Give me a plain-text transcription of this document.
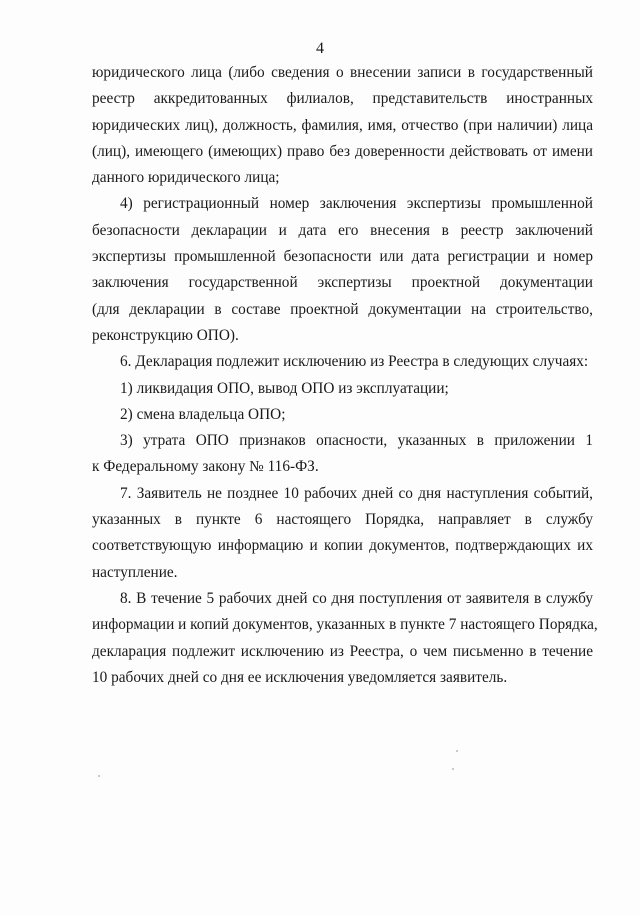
4

юридического лица (либо сведения о внесении записи в государственный
реестр аккредитованных филиалов, представительств иностранных
юридических лиц), должность, фамилия, имя, отчество (при наличии) лица
(лиц), имеющего (имеющих) право без доверенности действовать от имени
данного юридического лица;

4) регистрационный номер заключения экспертизы промышленной
безопасности декларации и дата его внесения в реестр заключений
экспертизы промышленной безопасности или дата регистрации и номер
заключения государственной экспертизы проектной документации
(для декларации в составе проектной документации на строительство,
реконструкцию ОПО).

6. Декларация подлежит исключению из Реестра в следующих случаях:

1) ликвидация ОПО, вывод ОПО из эксплуатации;

2) смена владельца ОПО;

3) утрата ОПО признаков опасности, указанных в приложении 1
к Федеральному закону № 116-ФЗ.

7. Заявитель не позднее 10 рабочих дней со дня наступления событий,
указанных в пункте 6 настоящего Порядка, направляет в службу
соответствующую информацию и копии документов, подтверждающих их
наступление.

8. В течение 5 рабочих дней со дня поступления от заявителя в службу
информации и копий документов, указанных в пункте 7 настоящего Порядка,
декларация подлежит исключению из Реестра, о чем письменно в течение
10 рабочих дней со дня ее исключения уведомляется заявитель.
